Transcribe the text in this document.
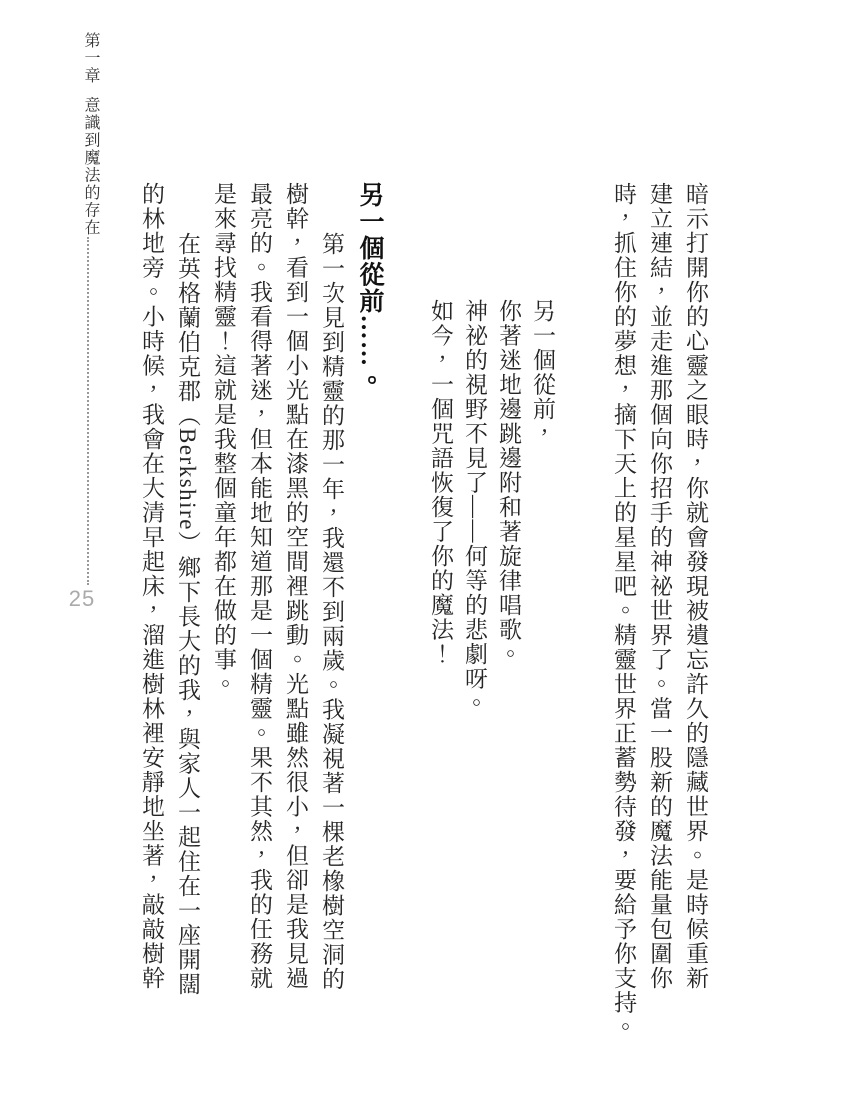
第一章意識到魔法的存在
25	暗示打開你的心靈之眼時，你就會發現被遺忘許久的隱藏世界。是時候重新
建立連結，並走進那個向你招手的神祕世界了。當一股新的魔法能量包圍你
時，抓住你的夢想，摘下天上的星星吧。精靈世界正蓄勢待發，要給予你支持。
另一個從前，
你著迷地邊跳邊附和著旋律唱歌。
神祕的視野不見了——何等的悲劇呀。
如今，一個咒語恢復了你的魔法！
另一個從前……。
第一次見到精靈的那一年，我還不到兩歲。我凝視著一棵老橡樹空洞的
樹幹，看到一個小光點在漆黑的空間裡跳動。光點雖然很小，但卻是我見過
最亮的。我看得著迷，但本能地知道那是一個精靈。果不其然，我的任務就
是來尋找精靈！這就是我整個童年都在做的事。
在英格蘭伯克郡（Berkshire）鄉下長大的我，與家人一起住在一座開闊
的林地旁。小時候，我會在大清早起床，溜進樹林裡安靜地坐著，敲敲樹幹
